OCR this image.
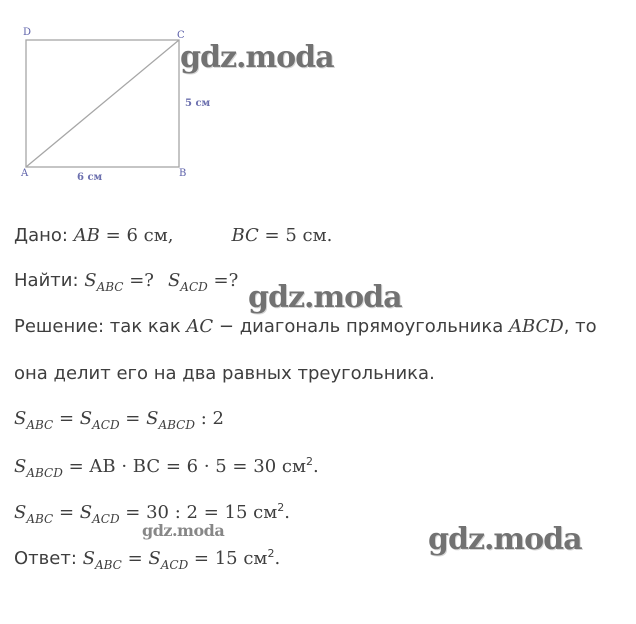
D	C
A	B
5 см
6 см
gdz.moda
gdz.moda
gdz.moda
gdz.moda
Дано: AB = 6 см,	BC = 5 см.
Найти: $S_{ABC}$ =? $S_{ACD}$ =?
Решение: так как AC − диагональ прямоугольника ABCD, то
она делит его на два равных треугольника.
$S_{ABC} = S_{ACD} = S_{ABCD}$ : 2
$S_{ABCD}$ = AB · BC = 6 · 5 = 30 $см^2$.
$S_{ABC} = S_{ACD} = 30$ : 2 = 15 $см^2$.
Ответ: $S_{ABC} = S_{ACD} = 15$ $см^2$.
